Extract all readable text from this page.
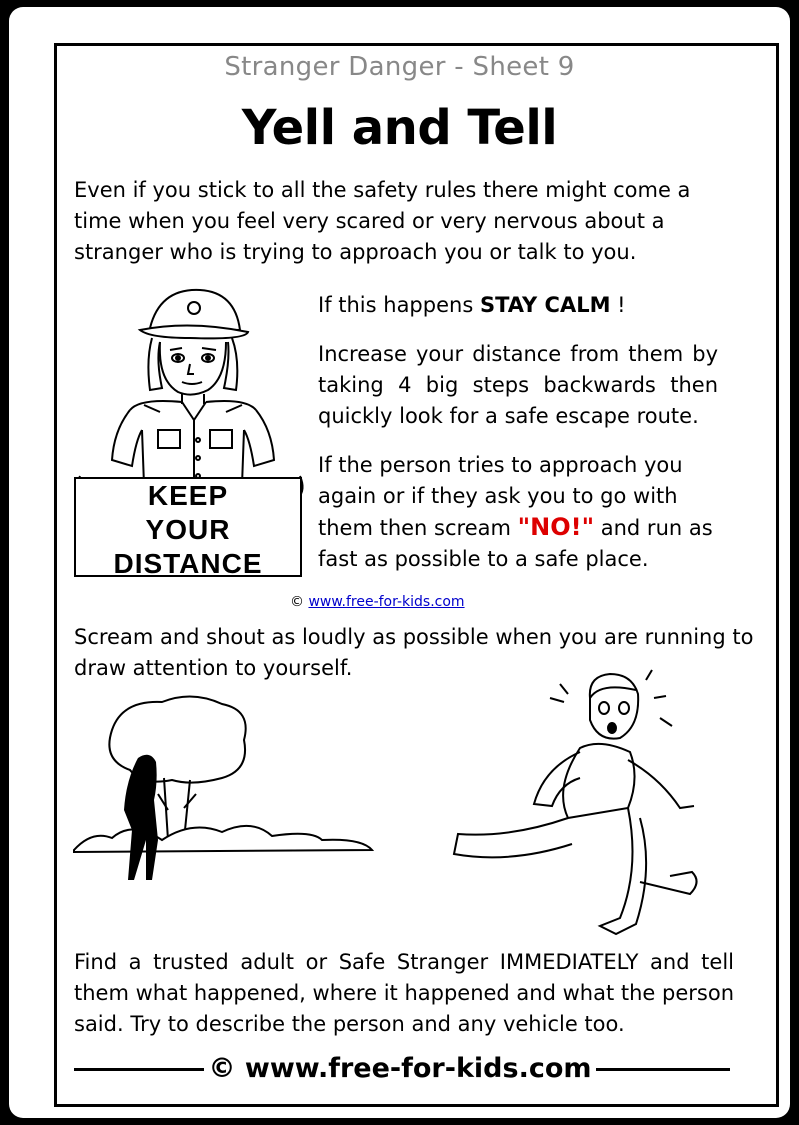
Stranger Danger - Sheet 9
Yell and Tell
Even if you stick to all the safety rules there might come a time when you feel very scared or very nervous about a stranger who is trying to approach you or talk to you.
KEEP
YOUR
DISTANCE
If this happens STAY CALM !
Increase your distance from them by taking 4 big steps backwards then quickly look for a safe escape route.
If the person tries to approach you again or if they ask you to go with them then scream "NO!" and run as fast as possible to a safe place.
© www.free-for-kids.com
Scream and shout as loudly as possible when you are running to draw attention to yourself.
Find a trusted adult or Safe Stranger IMMEDIATELY and tell them what happened, where it happened and what the person said. Try to describe the person and any vehicle too.
© www.free-for-kids.com
